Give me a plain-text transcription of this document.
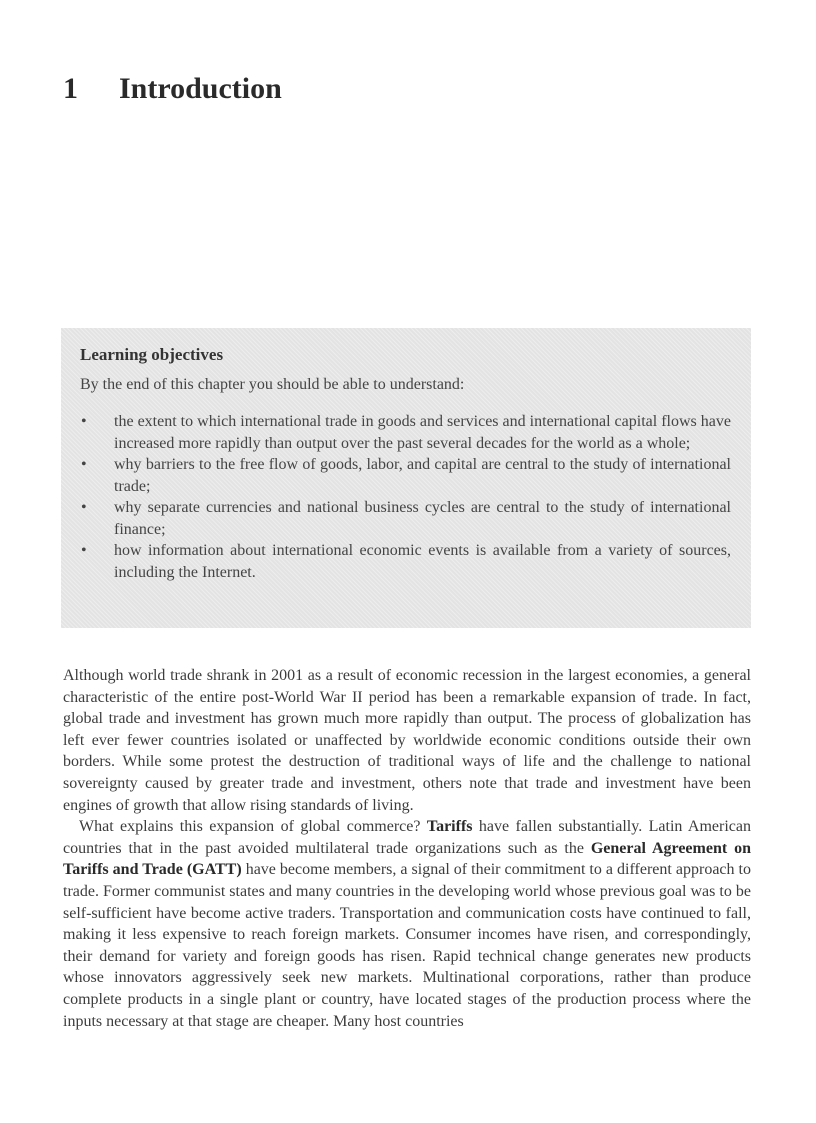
1	Introduction

Learning objectives

By the end of this chapter you should be able to understand:

• the extent to which international trade in goods and services and international capital flows have increased more rapidly than output over the past several decades for the world as a whole;
• why barriers to the free flow of goods, labor, and capital are central to the study of international trade;
• why separate currencies and national business cycles are central to the study of international finance;
• how information about international economic events is available from a variety of sources, including the Internet.

Although world trade shrank in 2001 as a result of economic recession in the largest economies, a general characteristic of the entire post-World War II period has been a remarkable expansion of trade. In fact, global trade and investment has grown much more rapidly than output. The process of globalization has left ever fewer countries isolated or unaffected by worldwide economic conditions outside their own borders. While some protest the destruction of traditional ways of life and the challenge to national sovereignty caused by greater trade and investment, others note that trade and investment have been engines of growth that allow rising standards of living.

What explains this expansion of global commerce? Tariffs have fallen substantially. Latin American countries that in the past avoided multilateral trade organizations such as the General Agreement on Tariffs and Trade (GATT) have become members, a signal of their commitment to a different approach to trade. Former communist states and many countries in the developing world whose previous goal was to be self-sufficient have become active traders. Transportation and communication costs have continued to fall, making it less expensive to reach foreign markets. Consumer incomes have risen, and correspondingly, their demand for variety and foreign goods has risen. Rapid technical change generates new products whose innovators aggressively seek new markets. Multinational corporations, rather than produce complete products in a single plant or country, have located stages of the production process where the inputs necessary at that stage are cheaper. Many host countries
